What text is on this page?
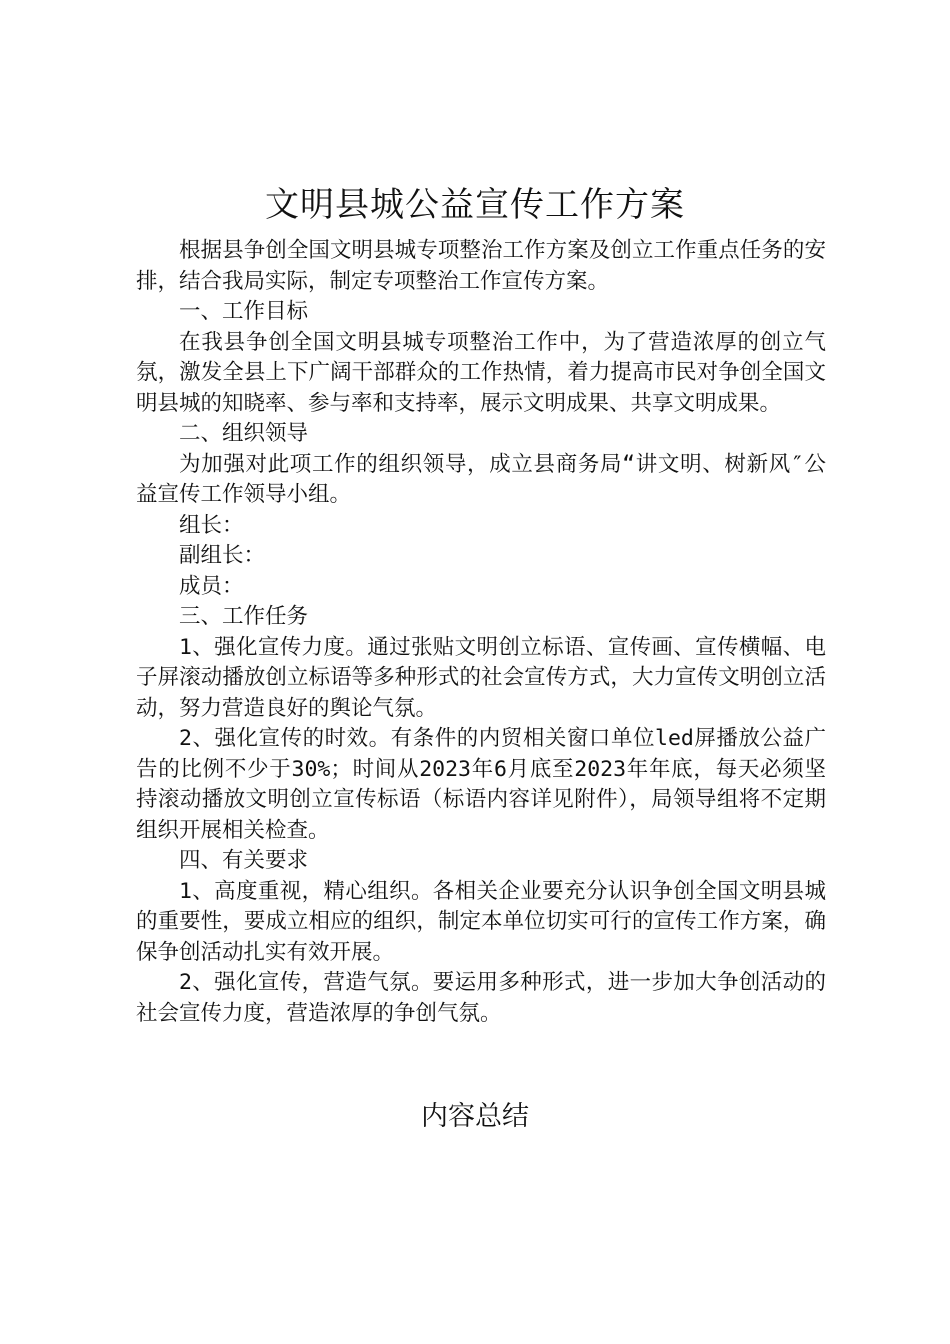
文明县城公益宣传工作方案

根据县争创全国文明县城专项整治工作方案及创立工作重点任务的安排，结合我局实际，制定专项整治工作宣传方案。

一、工作目标

在我县争创全国文明县城专项整治工作中，为了营造浓厚的创立气氛，激发全县上下广阔干部群众的工作热情，着力提高市民对争创全国文明县城的知晓率、参与率和支持率，展示文明成果、共享文明成果。

二、组织领导

为加强对此项工作的组织领导，成立县商务局“讲文明、树新风″公益宣传工作领导小组。

组长：

副组长：

成员：

三、工作任务

1、强化宣传力度。通过张贴文明创立标语、宣传画、宣传横幅、电子屏滚动播放创立标语等多种形式的社会宣传方式，大力宣传文明创立活动，努力营造良好的舆论气氛。

2、强化宣传的时效。有条件的内贸相关窗口单位led屏播放公益广告的比例不少于30%；时间从2023年6月底至2023年年底，每天必须坚持滚动播放文明创立宣传标语（标语内容详见附件），局领导组将不定期组织开展相关检查。

四、有关要求

1、高度重视，精心组织。各相关企业要充分认识争创全国文明县城的重要性，要成立相应的组织，制定本单位切实可行的宣传工作方案，确保争创活动扎实有效开展。

2、强化宣传，营造气氛。要运用多种形式，进一步加大争创活动的社会宣传力度，营造浓厚的争创气氛。

内容总结
